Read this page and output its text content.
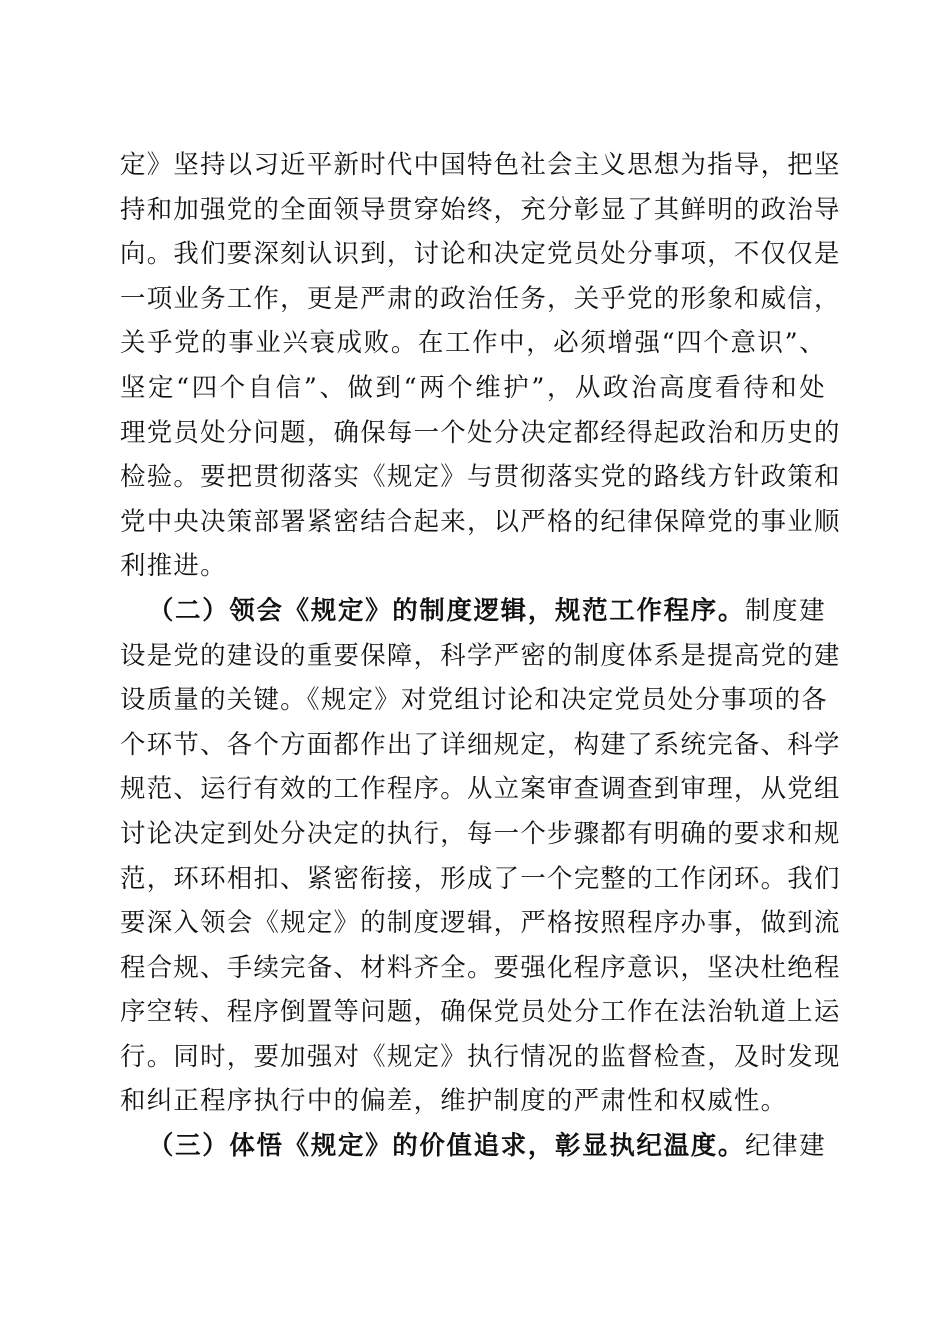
定》坚持以习近平新时代中国特色社会主义思想为指导，把坚
持和加强党的全面领导贯穿始终，充分彰显了其鲜明的政治导
向。我们要深刻认识到，讨论和决定党员处分事项，不仅仅是
一项业务工作，更是严肃的政治任务，关乎党的形象和威信，
关乎党的事业兴衰成败。在工作中，必须增强“四个意识”、
坚定“四个自信”、做到“两个维护”，从政治高度看待和处
理党员处分问题，确保每一个处分决定都经得起政治和历史的
检验。要把贯彻落实《规定》与贯彻落实党的路线方针政策和
党中央决策部署紧密结合起来，以严格的纪律保障党的事业顺
利推进。
（二）领会《规定》的制度逻辑，规范工作程序。制度建
设是党的建设的重要保障，科学严密的制度体系是提高党的建
设质量的关键。《规定》对党组讨论和决定党员处分事项的各
个环节、各个方面都作出了详细规定，构建了系统完备、科学
规范、运行有效的工作程序。从立案审查调查到审理，从党组
讨论决定到处分决定的执行，每一个步骤都有明确的要求和规
范，环环相扣、紧密衔接，形成了一个完整的工作闭环。我们
要深入领会《规定》的制度逻辑，严格按照程序办事，做到流
程合规、手续完备、材料齐全。要强化程序意识，坚决杜绝程
序空转、程序倒置等问题，确保党员处分工作在法治轨道上运
行。同时，要加强对《规定》执行情况的监督检查，及时发现
和纠正程序执行中的偏差，维护制度的严肃性和权威性。
（三）体悟《规定》的价值追求，彰显执纪温度。纪律建
